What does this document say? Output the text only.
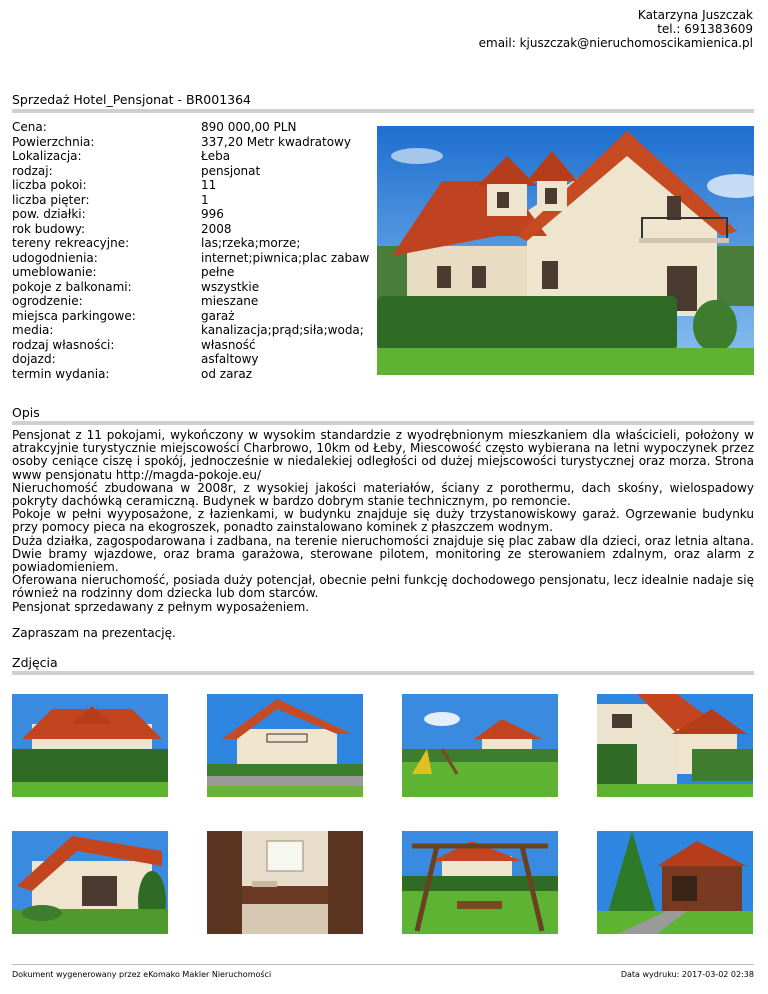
Katarzyna Juszczak
tel.: 691383609
email: kjuszczak@nieruchomoscikamienica.pl
Sprzedaż Hotel_Pensjonat - BR001364
Cena:	890 000,00 PLN
Powierzchnia:	337,20 Metr kwadratowy
Lokalizacja:	Łeba
rodzaj:	pensjonat
liczba pokoi:	11
liczba pięter:	1
pow. działki:	996
rok budowy:	2008
tereny rekreacyjne:	las;rzeka;morze;
udogodnienia:	internet;piwnica;plac zabaw
umeblowanie:	pełne
pokoje z balkonami:	wszystkie
ogrodzenie:	mieszane
miejsca parkingowe:	garaż
media:	kanalizacja;prąd;siła;woda;
rodzaj własności:	własność
dojazd:	asfaltowy
termin wydania:	od zaraz
Opis

Pensjonat z 11 pokojami, wykończony w wysokim standardzie z wyodrębnionym mieszkaniem dla właścicieli, położony w atrakcyjnie turystycznie miejscowości Charbrowo, 10km od Łeby, Miescowość często wybierana na letni wypoczynek przez osoby ceniące ciszę i spokój, jednocześnie w niedalekiej odległości od dużej miejscowości turystycznej oraz morza. Strona www pensjonatu http://magda-pokoje.eu/

Nieruchomość zbudowana w 2008r, z wysokiej jakości materiałów, ściany z porothermu, dach skośny, wielospadowy pokryty dachówką ceramiczną. Budynek w bardzo dobrym stanie technicznym, po remoncie.

Pokoje w pełni wyyposażone, z łazienkami, w budynku znajduje się duży trzystanowiskowy garaż. Ogrzewanie budynku przy pomocy pieca na ekogroszek, ponadto zainstalowano kominek z płaszczem wodnym.

Duża działka, zagospodarowana i zadbana, na terenie nieruchomości znajduje się plac zabaw dla dzieci, oraz letnia altana. Dwie bramy wjazdowe, oraz brama garażowa, sterowane pilotem, monitoring ze sterowaniem zdalnym, oraz alarm z powiadomieniem.

Oferowana nieruchomość, posiada duży potencjał, obecnie pełni funkcję dochodowego pensjonatu, lecz idealnie nadaje się również na rodzinny dom dziecka lub dom starców.

Pensjonat sprzedawany z pełnym wyposażeniem.

Zapraszam na prezentację.

Zdjęcia
Dokument wygenerowany przez eKomako Makler Nieruchomości	Data wydruku: 2017-03-02 02:38
